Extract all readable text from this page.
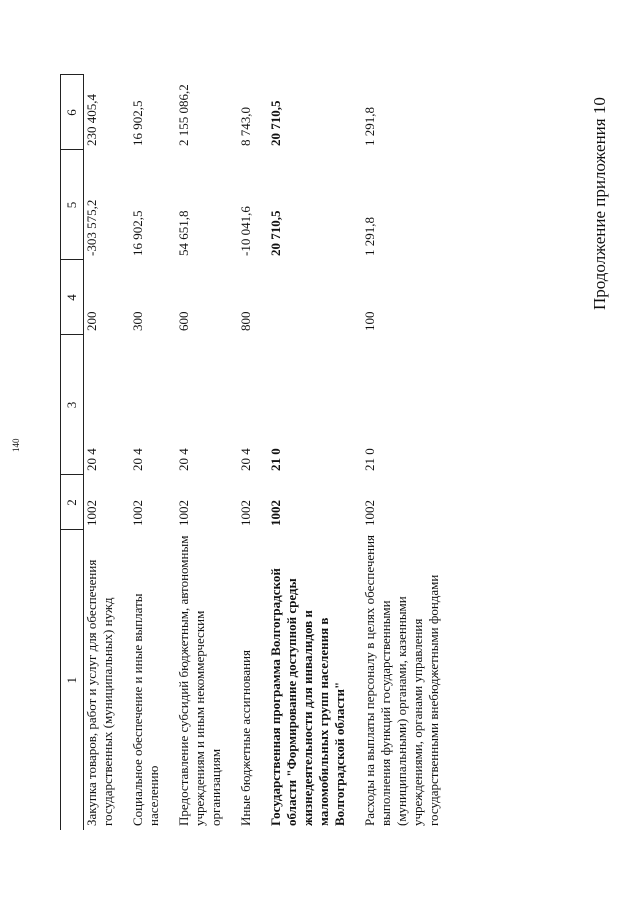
140
Продолжение приложения 10
1	2	3	4	5	6
Закупка товаров, работ и услуг для обеспечения государственных (муниципальных) нужд	1002	20 4	200	-303 575,2	230 405,4
Социальное обеспечение и иные выплаты населению	1002	20 4	300	16 902,5	16 902,5
Предоставление субсидий бюджетным, автономным учреждениям и иным некоммерческим организациям	1002	20 4	600	54 651,8	2 155 086,2
Иные бюджетные ассигнования	1002	20 4	800	-10 041,6	8 743,0
Государственная программа Волгоградской области "Формирование доступной среды жизнедеятельности для инвалидов и маломобильных групп населения в Волгоградской области"	1002	21 0		20 710,5	20 710,5
Расходы на выплаты персоналу в целях обеспечения выполнения функций государственными (муниципальными) органами, казенными учреждениями, органами управления государственными внебюджетными фондами	1002	21 0	100	1 291,8	1 291,8
